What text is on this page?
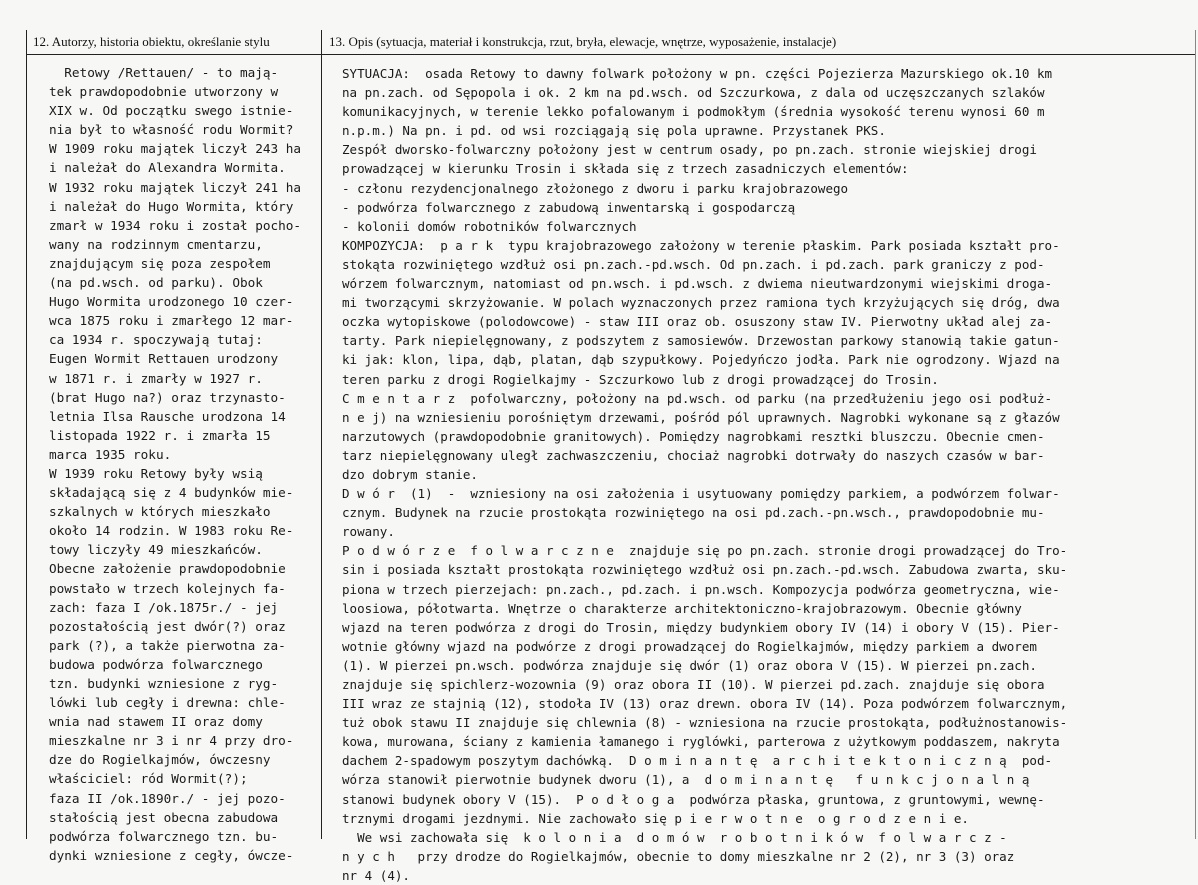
12. Autorzy, historia obiektu, określanie stylu	13. Opis (sytuacja, materiał i konstrukcja, rzut, bryła, elewacje, wnętrze, wyposażenie, instalacje)
Retowy /Rettauen/ - to mają-
tek prawdopodobnie utworzony w
XIX w. Od początku swego istnie-
nia był to własność rodu Wormit?
W 1909 roku majątek liczył 243 ha
i należał do Alexandra Wormita.
W 1932 roku majątek liczył 241 ha
i należał do Hugo Wormita, który
zmarł w 1934 roku i został pocho-
wany na rodzinnym cmentarzu,
znajdującym się poza zespołem
(na pd.wsch. od parku). Obok
Hugo Wormita urodzonego 10 czer-
wca 1875 roku i zmarłego 12 mar-
ca 1934 r. spoczywają tutaj:
Eugen Wormit Rettauen urodzony
w 1871 r. i zmarły w 1927 r.
(brat Hugo na?) oraz trzynasto-
letnia Ilsa Rausche urodzona 14
listopada 1922 r. i zmarła 15
marca 1935 roku.
W 1939 roku Retowy były wsią
składającą się z 4 budynków mie-
szkalnych w których mieszkało
około 14 rodzin. W 1983 roku Re-
towy liczyły 49 mieszkańców.
Obecne założenie prawdopodobnie
powstało w trzech kolejnych fa-
zach: faza I /ok.1875r./ - jej
pozostałością jest dwór(?) oraz
park (?), a także pierwotna za-
budowa podwórza folwarcznego
tzn. budynki wzniesione z ryg-
lówki lub cegły i drewna: chle-
wnia nad stawem II oraz domy
mieszkalne nr 3 i nr 4 przy dro-
dze do Rogielkajmów, ówczesny
właściciel: ród Wormit(?);
faza II /ok.1890r./ - jej pozo-
stałością jest obecna zabudowa
podwórza folwarcznego tzn. bu-
dynki wzniesione z cegły, ówcze-
SYTUACJA:  osada Retowy to dawny folwark położony w pn. części Pojezierza Mazurskiego ok.10 km
na pn.zach. od Sępopola i ok. 2 km na pd.wsch. od Szczurkowa, z dala od uczęszczanych szlaków
komunikacyjnych, w terenie lekko pofalowanym i podmokłym (średnia wysokość terenu wynosi 60 m
n.p.m.) Na pn. i pd. od wsi rozciągają się pola uprawne. Przystanek PKS.
Zespół dworsko-folwarczny położony jest w centrum osady, po pn.zach. stronie wiejskiej drogi
prowadzącej w kierunku Trosin i składa się z trzech zasadniczych elementów:
- członu rezydencjonalnego złożonego z dworu i parku krajobrazowego
- podwórza folwarcznego z zabudową inwentarską i gospodarczą
- kolonii domów robotników folwarcznych
KOMPOZYCJA:  p a r k  typu krajobrazowego założony w terenie płaskim. Park posiada kształt pro-
stokąta rozwiniętego wzdłuż osi pn.zach.-pd.wsch. Od pn.zach. i pd.zach. park graniczy z pod-
wórzem folwarcznym, natomiast od pn.wsch. i pd.wsch. z dwiema nieutwardzonymi wiejskimi droga-
mi tworzącymi skrzyżowanie. W polach wyznaczonych przez ramiona tych krzyżujących się dróg, dwa
oczka wytopiskowe (polodowcowe) - staw III oraz ob. osuszony staw IV. Pierwotny układ alej za-
tarty. Park niepielęgnowany, z podszytem z samosiewów. Drzewostan parkowy stanowią takie gatun-
ki jak: klon, lipa, dąb, platan, dąb szypułkowy. Pojedyńczo jodła. Park nie ogrodzony. Wjazd na
teren parku z drogi Rogielkajmy - Szczurkowo lub z drogi prowadzącej do Trosin.
C m e n t a r z  pofolwarczny, położony na pd.wsch. od parku (na przedłużeniu jego osi podłuż-
n e j) na wzniesieniu porośniętym drzewami, pośród pól uprawnych. Nagrobki wykonane są z głazów
narzutowych (prawdopodobnie granitowych). Pomiędzy nagrobkami resztki bluszczu. Obecnie cmen-
tarz niepielęgnowany uległ zachwaszczeniu, chociaż nagrobki dotrwały do naszych czasów w bar-
dzo dobrym stanie.
D w ó r  (1)  -  wzniesiony na osi założenia i usytuowany pomiędzy parkiem, a podwórzem folwar-
cznym. Budynek na rzucie prostokąta rozwiniętego na osi pd.zach.-pn.wsch., prawdopodobnie mu-
rowany.
P o d w ó r z e  f o l w a r c z n e  znajduje się po pn.zach. stronie drogi prowadzącej do Tro-
sin i posiada kształt prostokąta rozwiniętego wzdłuż osi pn.zach.-pd.wsch. Zabudowa zwarta, sku-
piona w trzech pierzejach: pn.zach., pd.zach. i pn.wsch. Kompozycja podwórza geometryczna, wie-
loosiowa, półotwarta. Wnętrze o charakterze architektoniczno-krajobrazowym. Obecnie główny
wjazd na teren podwórza z drogi do Trosin, między budynkiem obory IV (14) i obory V (15). Pier-
wotnie główny wjazd na podwórze z drogi prowadzącej do Rogielkajmów, między parkiem a dworem
(1). W pierzei pn.wsch. podwórza znajduje się dwór (1) oraz obora V (15). W pierzei pn.zach.
znajduje się spichlerz-wozownia (9) oraz obora II (10). W pierzei pd.zach. znajduje się obora
III wraz ze stajnią (12), stodoła IV (13) oraz drewn. obora IV (14). Poza podwórzem folwarcznym,
tuż obok stawu II znajduje się chlewnia (8) - wzniesiona na rzucie prostokąta, podłużnostanowis-
kowa, murowana, ściany z kamienia łamanego i ryglówki, parterowa z użytkowym poddaszem, nakryta
dachem 2-spadowym poszytym dachówką.  D o m i n a n t ę  a r c h i t e k t o n i c z n ą  pod-
wórza stanowił pierwotnie budynek dworu (1), a  d o m i n a n t ę   f u n k c j o n a l n ą
stanowi budynek obory V (15).  P o d ł o g a  podwórza płaska, gruntowa, z gruntowymi, wewnę-
trznymi drogami jezdnymi. Nie zachowało się p i e r w o t n e  o g r o d z e n i e.
We wsi zachowała się  k o l o n i a  d o m ó w  r o b o t n i k ó w  f o l w a r c z -
n y c h   przy drodze do Rogielkajmów, obecnie to domy mieszkalne nr 2 (2), nr 3 (3) oraz
nr 4 (4).
